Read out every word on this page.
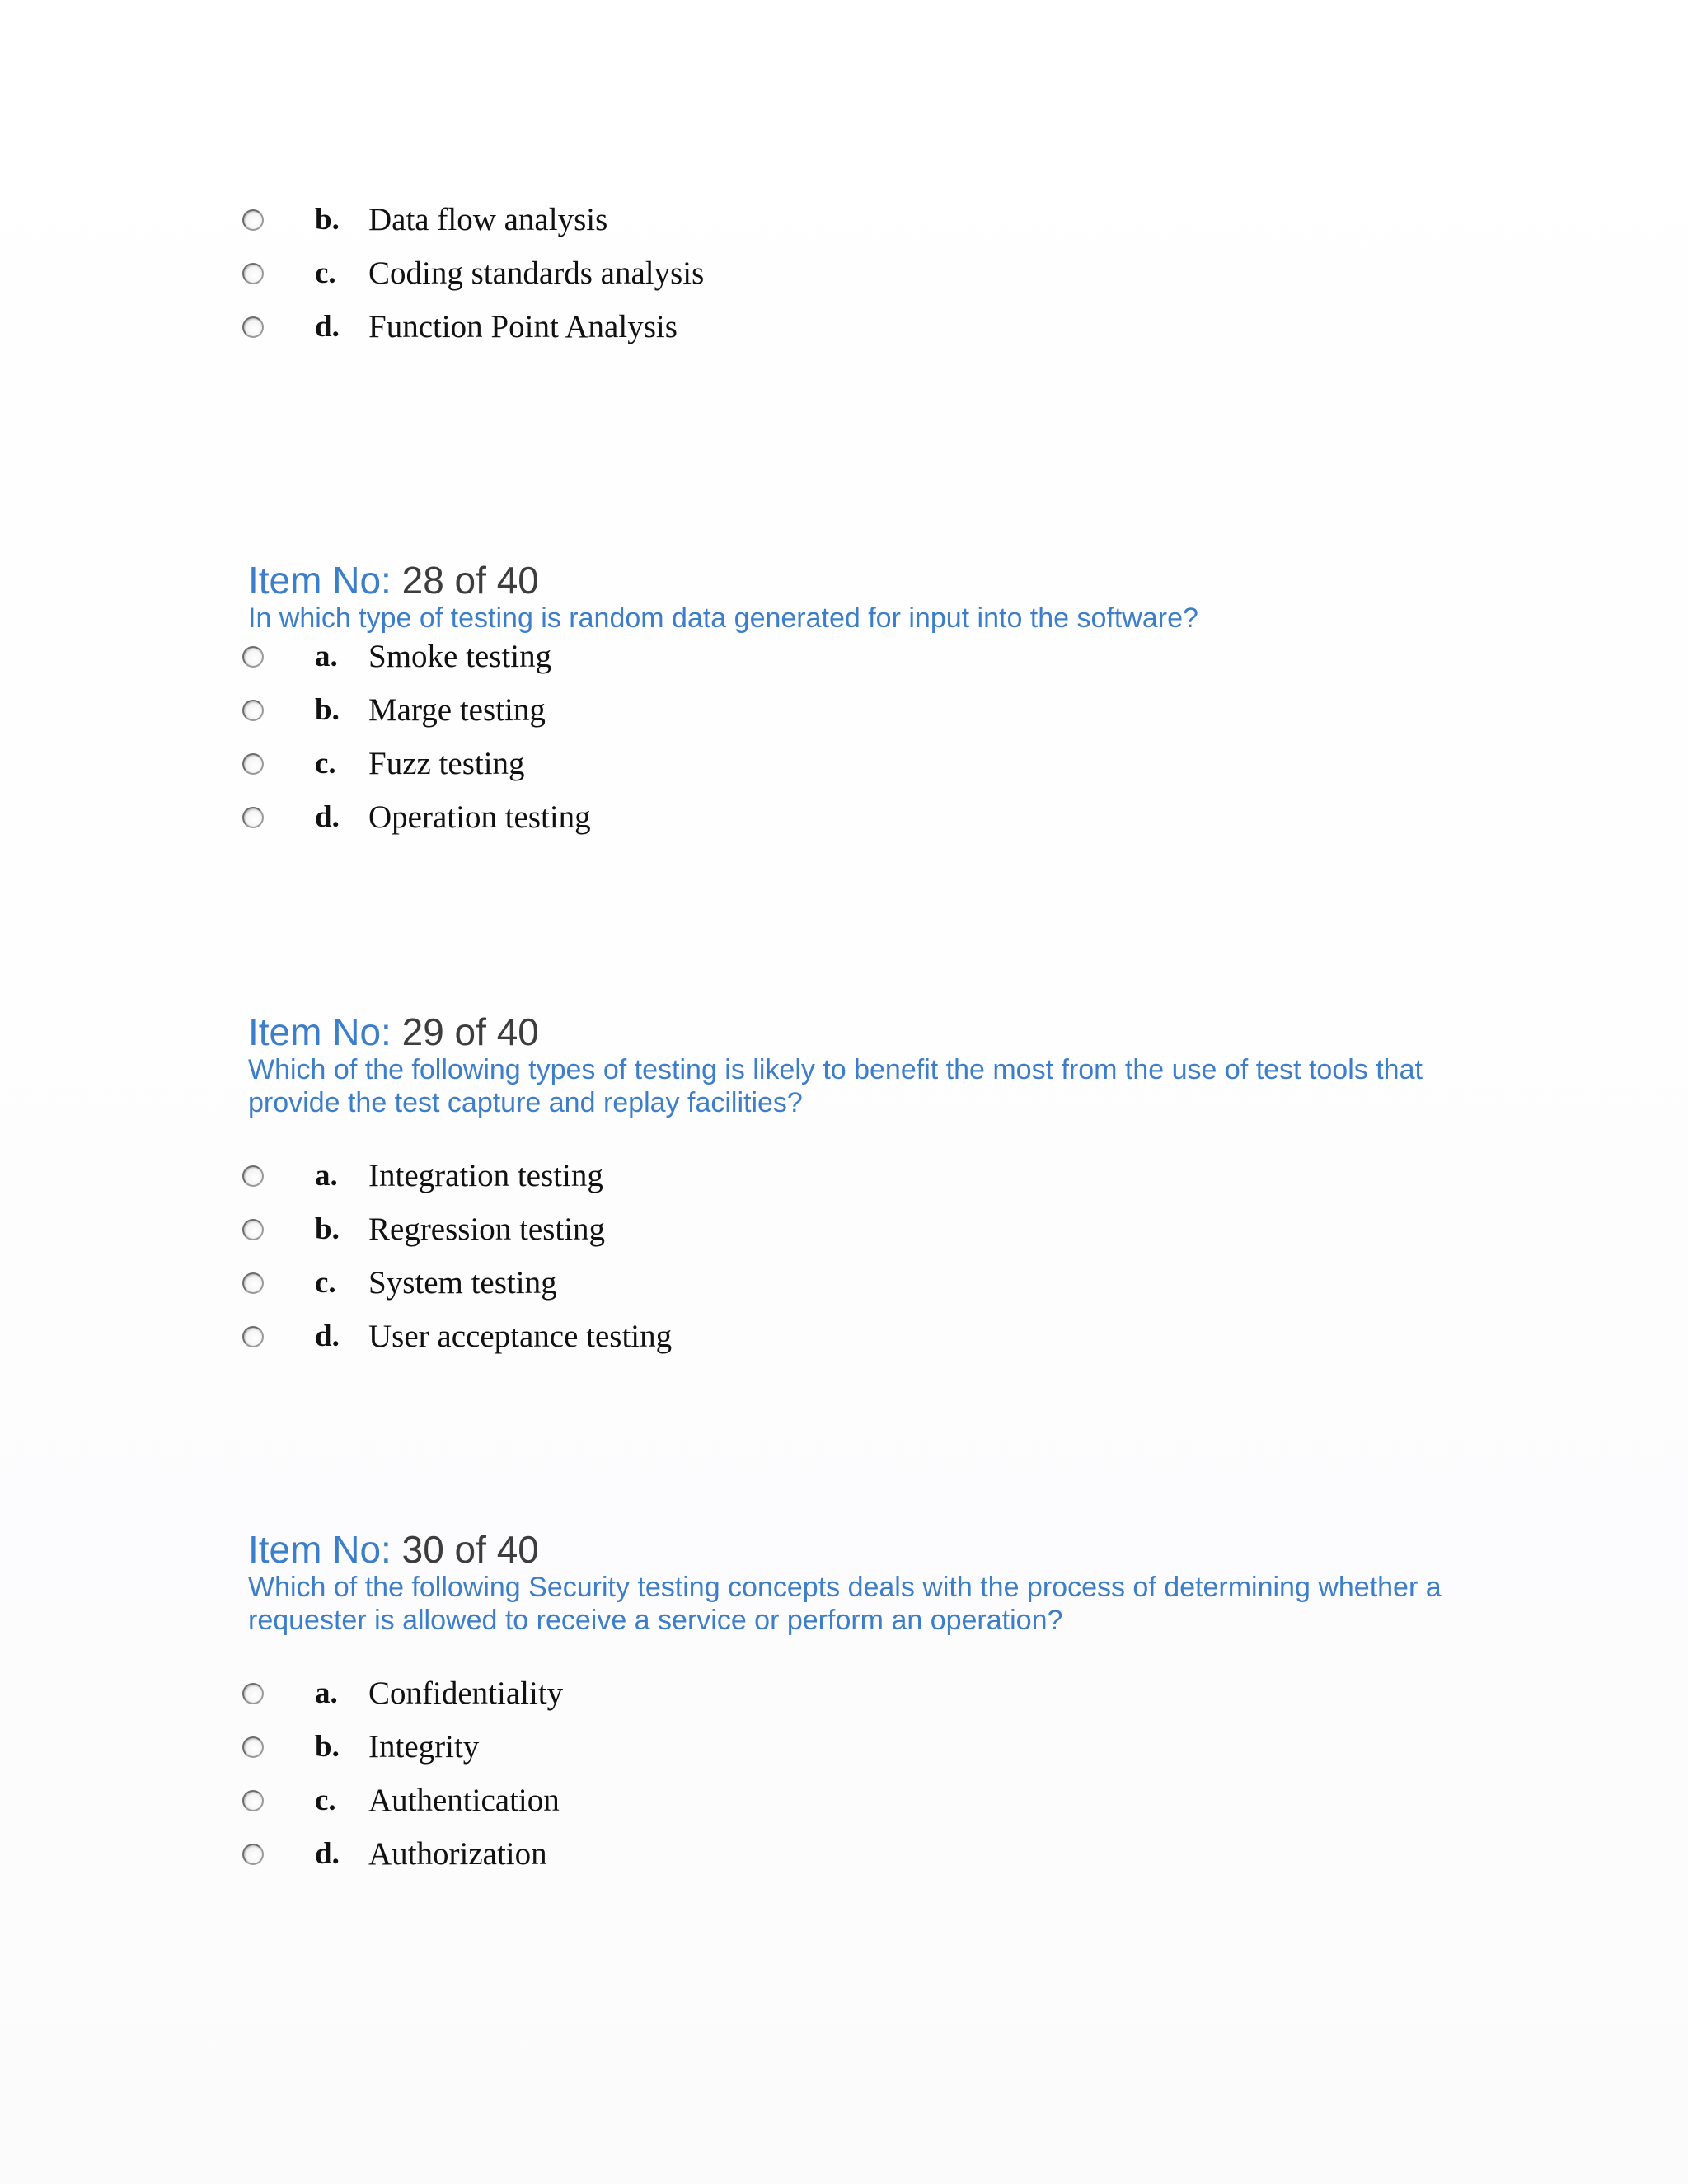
b. Data flow analysis
c. Coding standards analysis
d. Function Point Analysis
Item No: 28 of 40
In which type of testing is random data generated for input into the software?
a. Smoke testing
b. Marge testing
c. Fuzz testing
d. Operation testing
Item No: 29 of 40
Which of the following types of testing is likely to benefit the most from the use of test tools that provide the test capture and replay facilities?
a. Integration testing
b. Regression testing
c. System testing
d. User acceptance testing
Item No: 30 of 40
Which of the following Security testing concepts deals with the process of determining whether a requester is allowed to receive a service or perform an operation?
a. Confidentiality
b. Integrity
c. Authentication
d. Authorization
